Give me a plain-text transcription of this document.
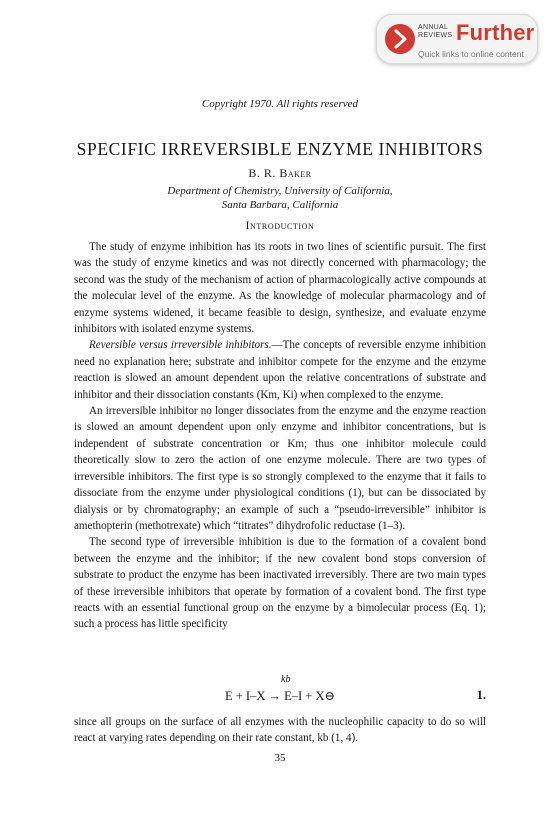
ANNUAL
REVIEWS Further
Quick links to online content
Copyright 1970. All rights reserved
SPECIFIC IRREVERSIBLE ENZYME INHIBITORS
B. R. Baker
Department of Chemistry, University of California,
Santa Barbara, California
Introduction

The study of enzyme inhibition has its roots in two lines of scientific pursuit. The first was the study of enzyme kinetics and was not directly concerned with pharmacology; the second was the study of the mechanism of action of pharmacologically active compounds at the molecular level of the enzyme. As the knowledge of molecular pharmacology and of enzyme systems widened, it became feasible to design, synthesize, and evaluate enzyme inhibitors with isolated enzyme systems.

Reversible versus irreversible inhibitors.—The concepts of reversible enzyme inhibition need no explanation here; substrate and inhibitor compete for the enzyme and the enzyme reaction is slowed an amount dependent upon the relative concentrations of substrate and inhibitor and their dissociation constants (Km, Ki) when complexed to the enzyme.

An irreversible inhibitor no longer dissociates from the enzyme and the enzyme reaction is slowed an amount dependent upon only enzyme and inhibitor concentrations, but is independent of substrate concentration or Km; thus one inhibitor molecule could theoretically slow to zero the action of one enzyme molecule. There are two types of irreversible inhibitors. The first type is so strongly complexed to the enzyme that it fails to dissociate from the enzyme under physiological conditions (1), but can be dissociated by dialysis or by chromatography; an example of such a “pseudo-irreversible” inhibitor is amethopterin (methotrexate) which “titrates” dihydrofolic reductase (1–3).

The second type of irreversible inhibition is due to the formation of a covalent bond between the enzyme and the inhibitor; if the new covalent bond stops conversion of substrate to product the enzyme has been inactivated irreversibly. There are two main types of these irreversible inhibitors that operate by formation of a covalent bond. The first type reacts with an essential functional group on the enzyme by a bimolecular process (Eq. 1); such a process has little specificity

kb
E + I–X → E–I + X⊖	1.

since all groups on the surface of all enzymes with the nucleophilic capacity to do so will react at varying rates depending on their rate constant, kb (1, 4).

35
